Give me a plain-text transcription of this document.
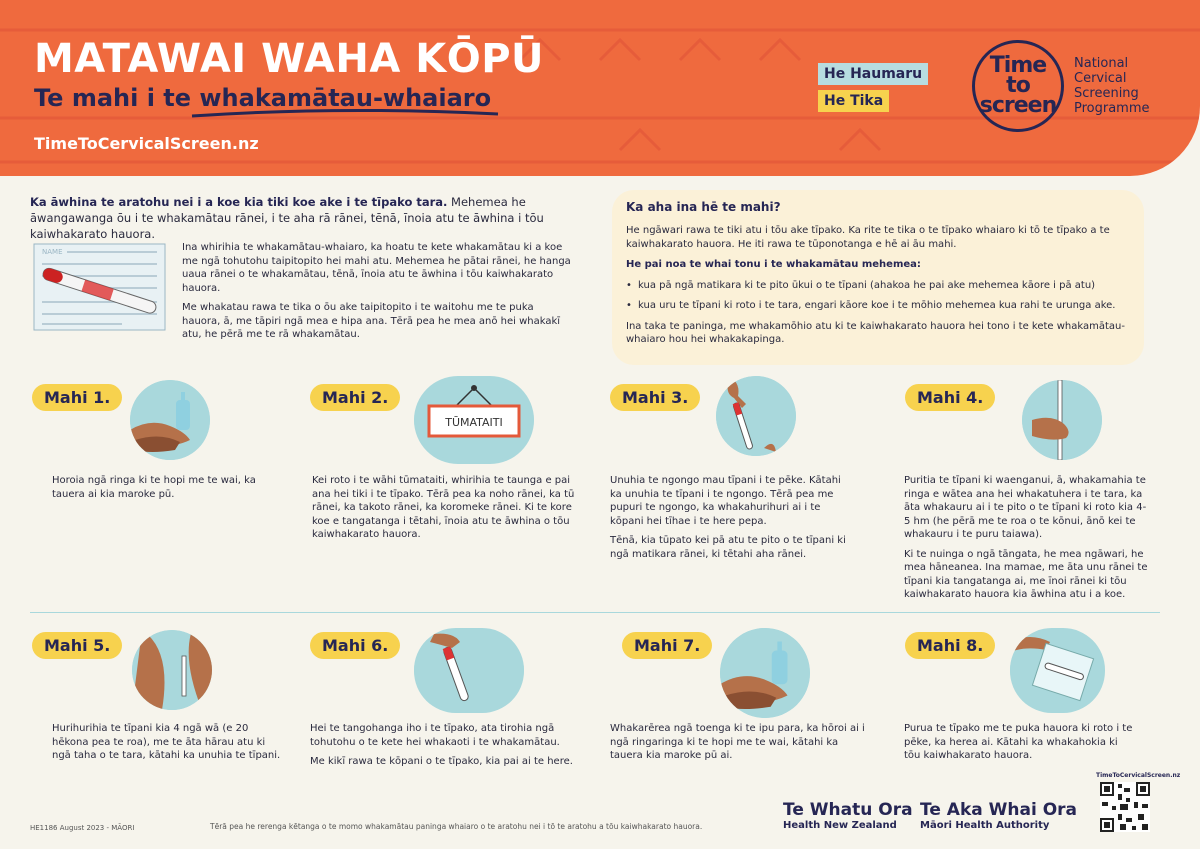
MATAWAI WAHA KŌPŪ
Te mahi i te whakamātau-whaiaro
TimeToCervicalScreen.nz
He Haumaru
He Tika
Time to
screen
National Cervical Screening Programme
Ka āwhina te aratohu nei i a koe kia tiki koe ake i te tīpako tara. Mehemea he āwangawanga ōu i te whakamātau rānei, i te aha rā rānei, tēnā, īnoia atu te āwhina i tōu kaiwhakarato hauora.
NAME	Ina whirihia te whakamātau-whaiaro, ka hoatu te kete whakamātau ki a koe me ngā tohutohu taipitopito hei mahi atu. Mehemea he pātai rānei, he hanga uaua rānei o te whakamātau, tēnā, īnoia atu te āwhina i tōu kaiwhakarato hauora.

Me whakatau rawa te tika o ōu ake taipitopito i te waitohu me te puka hauora, ā, me tāpiri ngā mea e hipa ana. Tērā pea he mea anō hei whakakī atu, he pērā me te rā whakamātau.

Ka aha ina hē te mahi?

He ngāwari rawa te tiki atu i tōu ake tīpako. Ka rite te tika o te tīpako whaiaro ki tō te tīpako a te kaiwhakarato hauora. He iti rawa te tūponotanga e hē ai āu mahi.

He pai noa te whai tonu i te whakamātau mehemea:

• kua pā ngā matikara ki te pito ūkui o te tīpani (ahakoa he pai ake mehemea kāore i pā atu)
• kua uru te tīpani ki roto i te tara, engari kāore koe i te mōhio mehemea kua rahi te urunga ake.

Ina taka te paninga, me whakamōhio atu ki te kaiwhakarato hauora hei tono i te kete whakamātau-whaiaro hou hei whakakapinga.

Mahi 1.

Horoia ngā ringa ki te hopi me te wai, ka tauera ai kia maroke pū.

Mahi 2.
TŪMATAITI

Kei roto i te wāhi tūmataiti, whirihia te taunga e pai ana hei tiki i te tīpako. Tērā pea ka noho rānei, ka tū rānei, ka takoto rānei, ka koromeke rānei. Ki te kore koe e tangatanga i tētahi, īnoia atu te āwhina o tōu kaiwhakarato hauora.

Mahi 3.

Unuhia te ngongo mau tīpani i te pēke. Kātahi ka unuhia te tīpani i te ngongo. Tērā pea me pupuri te ngongo, ka whakahurihuri ai i te kōpani hei tīhae i te here pepa.

Tēnā, kia tūpato kei pā atu te pito o te tīpani ki ngā matikara rānei, ki tētahi aha rānei.

Mahi 4.

Puritia te tīpani ki waenganui, ā, whakamahia te ringa e wātea ana hei whakatuhera i te tara, ka āta whakauru ai i te pito o te tīpani ki roto kia 4-5 hm (he pērā me te roa o te kōnui, ānō kei te whakauru i te puru taiawa).

Ki te nuinga o ngā tāngata, he mea ngāwari, he mea hāneanea. Ina mamae, me āta unu rānei te tīpani kia tangatanga ai, me īnoi rānei ki tōu kaiwhakarato hauora kia āwhina atu i a koe.

Mahi 5.

Hurihurihia te tīpani kia 4 ngā wā (e 20 hēkona pea te roa), me te āta hārau atu ki ngā taha o te tara, kātahi ka unuhia te tīpani.

Mahi 6.

Hei te tangohanga iho i te tīpako, ata tirohia ngā tohutohu o te kete hei whakaoti i te whakamātau.

Me kikī rawa te kōpani o te tīpako, kia pai ai te here.

Mahi 7.

Whakarērea ngā toenga ki te ipu para, ka hōroi ai i ngā ringaringa ki te hopi me te wai, kātahi ka tauera kia maroke pū ai.

Mahi 8.

Purua te tīpako me te puka hauora ki roto i te pēke, ka herea ai. Kātahi ka whakahokia ki tōu kaiwhakarato hauora.

HE1186 August 2023 - MĀORI	Tērā pea he rerenga kētanga o te momo whakamātau paninga whaiaro o te aratohu nei i tō te aratohu a tōu kaiwhakarato hauora.
Te Whatu Ora
Health New Zealand
Te Aka Whai Ora
Māori Health Authority
TimeToCervicalScreen.nz
